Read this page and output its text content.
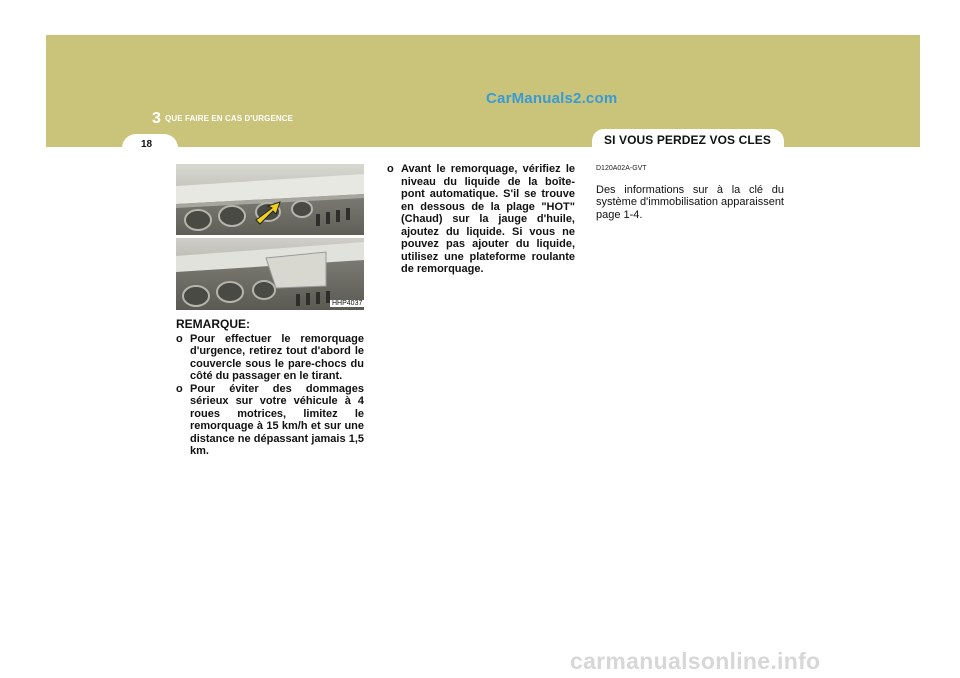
CarManuals2.com
3 QUE FAIRE EN CAS D'URGENCE
18	SI VOUS PERDEZ VOS CLES
HHP4037
REMARQUE:
o Pour effectuer le remorquage d'urgence, retirez tout d'abord le couvercle sous le pare-chocs du côté du passager en le tirant.
o Pour éviter des dommages sérieux sur votre véhicule à 4 roues motrices, limitez le remorquage à 15 km/h et sur une distance ne dépassant jamais 1,5 km.
o Avant le remorquage, vérifiez le niveau du liquide de la boîte-pont automatique. S'il se trouve en dessous de la plage "HOT" (Chaud) sur la jauge d'huile, ajoutez du liquide. Si vous ne pouvez pas ajouter du liquide, utilisez une plateforme roulante de remorquage.
D120A02A-GVT
Des informations sur à la clé du système d'immobilisation apparaissent page 1-4.
carmanualsonline.info
